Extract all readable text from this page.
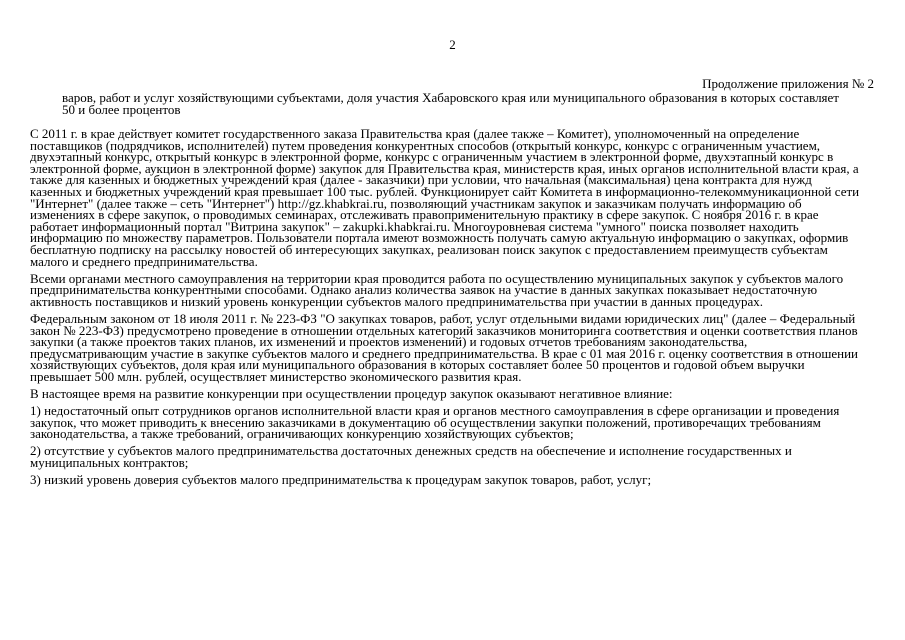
2
Продолжение приложения № 2
варов, работ и услуг хозяйствующими субъектами, доля участия Хабаровского края или муниципального образования в которых составляет 50 и более процентов

С 2011 г. в крае действует комитет государственного заказа Правительства края (далее также – Комитет), уполномоченный на определение поставщиков (подрядчиков, исполнителей) путем проведения конкурентных способов (открытый конкурс, конкурс с ограниченным участием, двухэтапный конкурс, открытый конкурс в электронной форме, конкурс с ограниченным участием в электронной форме, двухэтапный конкурс в электронной форме, аукцион в электронной форме) закупок для Правительства края, министерств края, иных органов исполнительной власти края, а также для казенных и бюджетных учреждений края (далее - заказчики) при условии, что начальная (максимальная) цена контракта для нужд казенных и бюджетных учреждений края превышает 100 тыс. рублей. Функционирует сайт Комитета в информационно-телекоммуникационной сети "Интернет" (далее также – сеть "Интернет") http://gz.khabkrai.ru, позволяющий участникам закупок и заказчикам получать информацию об изменениях в сфере закупок, о проводимых семинарах, отслеживать правоприменительную практику в сфере закупок. С ноября 2016 г. в крае работает информационный портал "Витрина закупок" – zakupki.khabkrai.ru. Многоуровневая система "умного" поиска позволяет находить информацию по множеству параметров. Пользователи портала имеют возможность получать самую актуальную информацию о закупках, оформив бесплатную подписку на рассылку новостей об интересующих закупках, реализован поиск закупок с предоставлением преимуществ субъектам малого и среднего предпринимательства.

Всеми органами местного самоуправления на территории края проводится работа по осуществлению муниципальных закупок у субъектов малого предпринимательства конкурентными способами. Однако анализ количества заявок на участие в данных закупках показывает недостаточную активность поставщиков и низкий уровень конкуренции субъектов малого предпринимательства при участии в данных процедурах.

Федеральным законом от 18 июля 2011 г. № 223-ФЗ "О закупках товаров, работ, услуг отдельными видами юридических лиц" (далее – Федеральный закон № 223-ФЗ) предусмотрено проведение в отношении отдельных категорий заказчиков мониторинга соответствия и оценки соответствия планов закупки (а также проектов таких планов, их изменений и проектов изменений) и годовых отчетов требованиям законодательства, предусматривающим участие в закупке субъектов малого и среднего предпринимательства. В крае с 01 мая 2016 г. оценку соответствия в отношении хозяйствующих субъектов, доля края или муниципального образования в которых составляет более 50 процентов и годовой объем выручки превышает 500 млн. рублей, осуществляет министерство экономического развития края.

В настоящее время на развитие конкуренции при осуществлении процедур закупок оказывают негативное влияние:

1) недостаточный опыт сотрудников органов исполнительной власти края и органов местного самоуправления в сфере организации и проведения закупок, что может приводить к внесению заказчиками в документацию об осуществлении закупки положений, противоречащих требованиям законодательства, а также требований, ограничивающих конкуренцию хозяйствующих субъектов;

2) отсутствие у субъектов малого предпринимательства достаточных денежных средств на обеспечение и исполнение государственных и муниципальных контрактов;

3) низкий уровень доверия субъектов малого предпринимательства к процедурам закупок товаров, работ, услуг;
